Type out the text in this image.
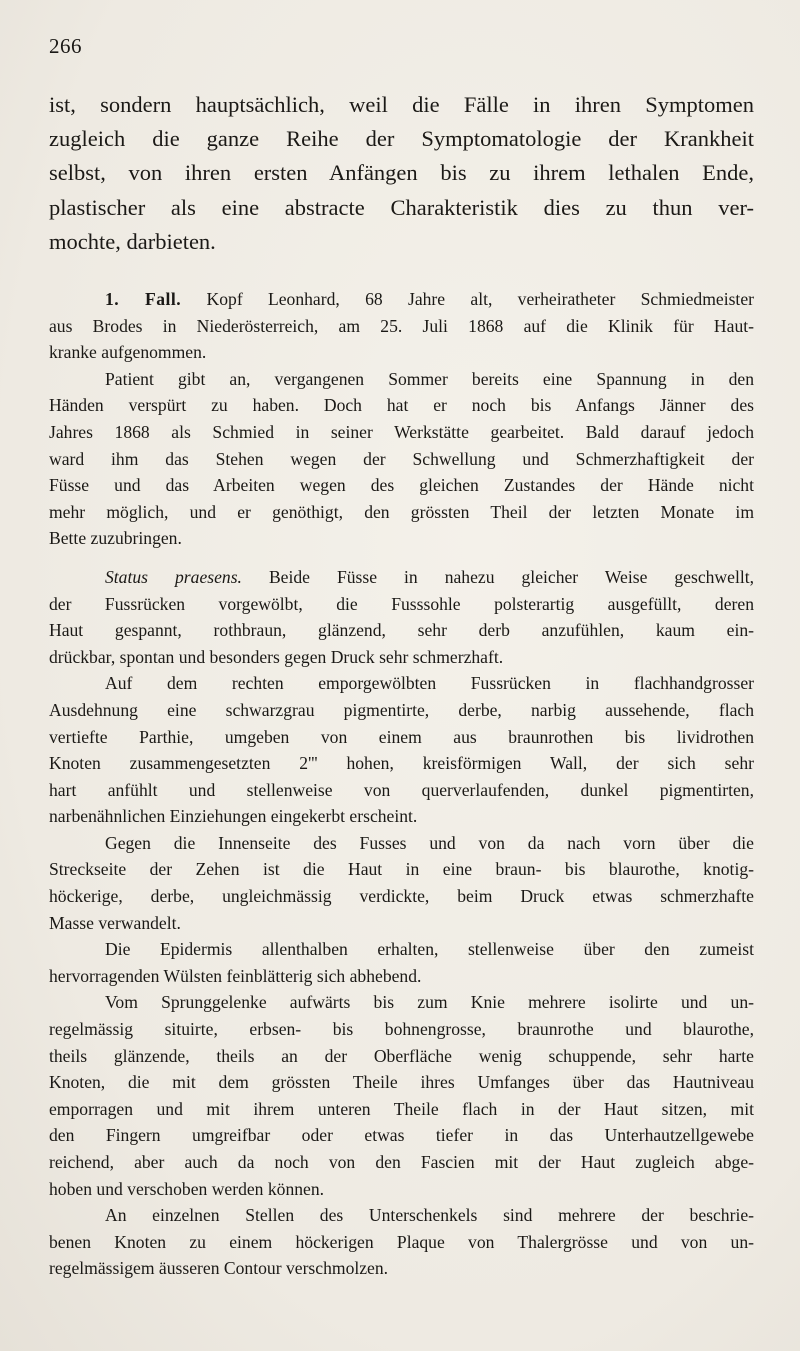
266
ist, sondern hauptsächlich, weil die Fälle in ihren Symptomen
zugleich die ganze Reihe der Symptomatologie der Krankheit
selbst, von ihren ersten Anfängen bis zu ihrem lethalen Ende,
plastischer als eine abstracte Charakteristik dies zu thun ver-
mochte, darbieten.
1. Fall. Kopf Leonhard, 68 Jahre alt, verheiratheter Schmiedmeister
aus Brodes in Niederösterreich, am 25. Juli 1868 auf die Klinik für Haut-
kranke aufgenommen.
Patient gibt an, vergangenen Sommer bereits eine Spannung in den
Händen verspürt zu haben. Doch hat er noch bis Anfangs Jänner des
Jahres 1868 als Schmied in seiner Werkstätte gearbeitet. Bald darauf jedoch
ward ihm das Stehen wegen der Schwellung und Schmerzhaftigkeit der
Füsse und das Arbeiten wegen des gleichen Zustandes der Hände nicht
mehr möglich, und er genöthigt, den grössten Theil der letzten Monate im
Bette zuzubringen.
Status praesens. Beide Füsse in nahezu gleicher Weise geschwellt,
der Fussrücken vorgewölbt, die Fusssohle polsterartig ausgefüllt, deren
Haut gespannt, rothbraun, glänzend, sehr derb anzufühlen, kaum ein-
drückbar, spontan und besonders gegen Druck sehr schmerzhaft.
Auf dem rechten emporgewölbten Fussrücken in flachhandgrosser
Ausdehnung eine schwarzgrau pigmentirte, derbe, narbig aussehende, flach
vertiefte Parthie, umgeben von einem aus braunrothen bis lividrothen
Knoten zusammengesetzten 2''' hohen, kreisförmigen Wall, der sich sehr
hart anfühlt und stellenweise von querverlaufenden, dunkel pigmentirten,
narbenähnlichen Einziehungen eingekerbt erscheint.
Gegen die Innenseite des Fusses und von da nach vorn über die
Streckseite der Zehen ist die Haut in eine braun- bis blaurothe, knotig-
höckerige, derbe, ungleichmässig verdickte, beim Druck etwas schmerzhafte
Masse verwandelt.
Die Epidermis allenthalben erhalten, stellenweise über den zumeist
hervorragenden Wülsten feinblätterig sich abhebend.
Vom Sprunggelenke aufwärts bis zum Knie mehrere isolirte und un-
regelmässig situirte, erbsen- bis bohnengrosse, braunrothe und blaurothe,
theils glänzende, theils an der Oberfläche wenig schuppende, sehr harte
Knoten, die mit dem grössten Theile ihres Umfanges über das Hautniveau
emporragen und mit ihrem unteren Theile flach in der Haut sitzen, mit
den Fingern umgreifbar oder etwas tiefer in das Unterhautzellgewebe
reichend, aber auch da noch von den Fascien mit der Haut zugleich abge-
hoben und verschoben werden können.
An einzelnen Stellen des Unterschenkels sind mehrere der beschrie-
benen Knoten zu einem höckerigen Plaque von Thalergrösse und von un-
regelmässigem äusseren Contour verschmolzen.
